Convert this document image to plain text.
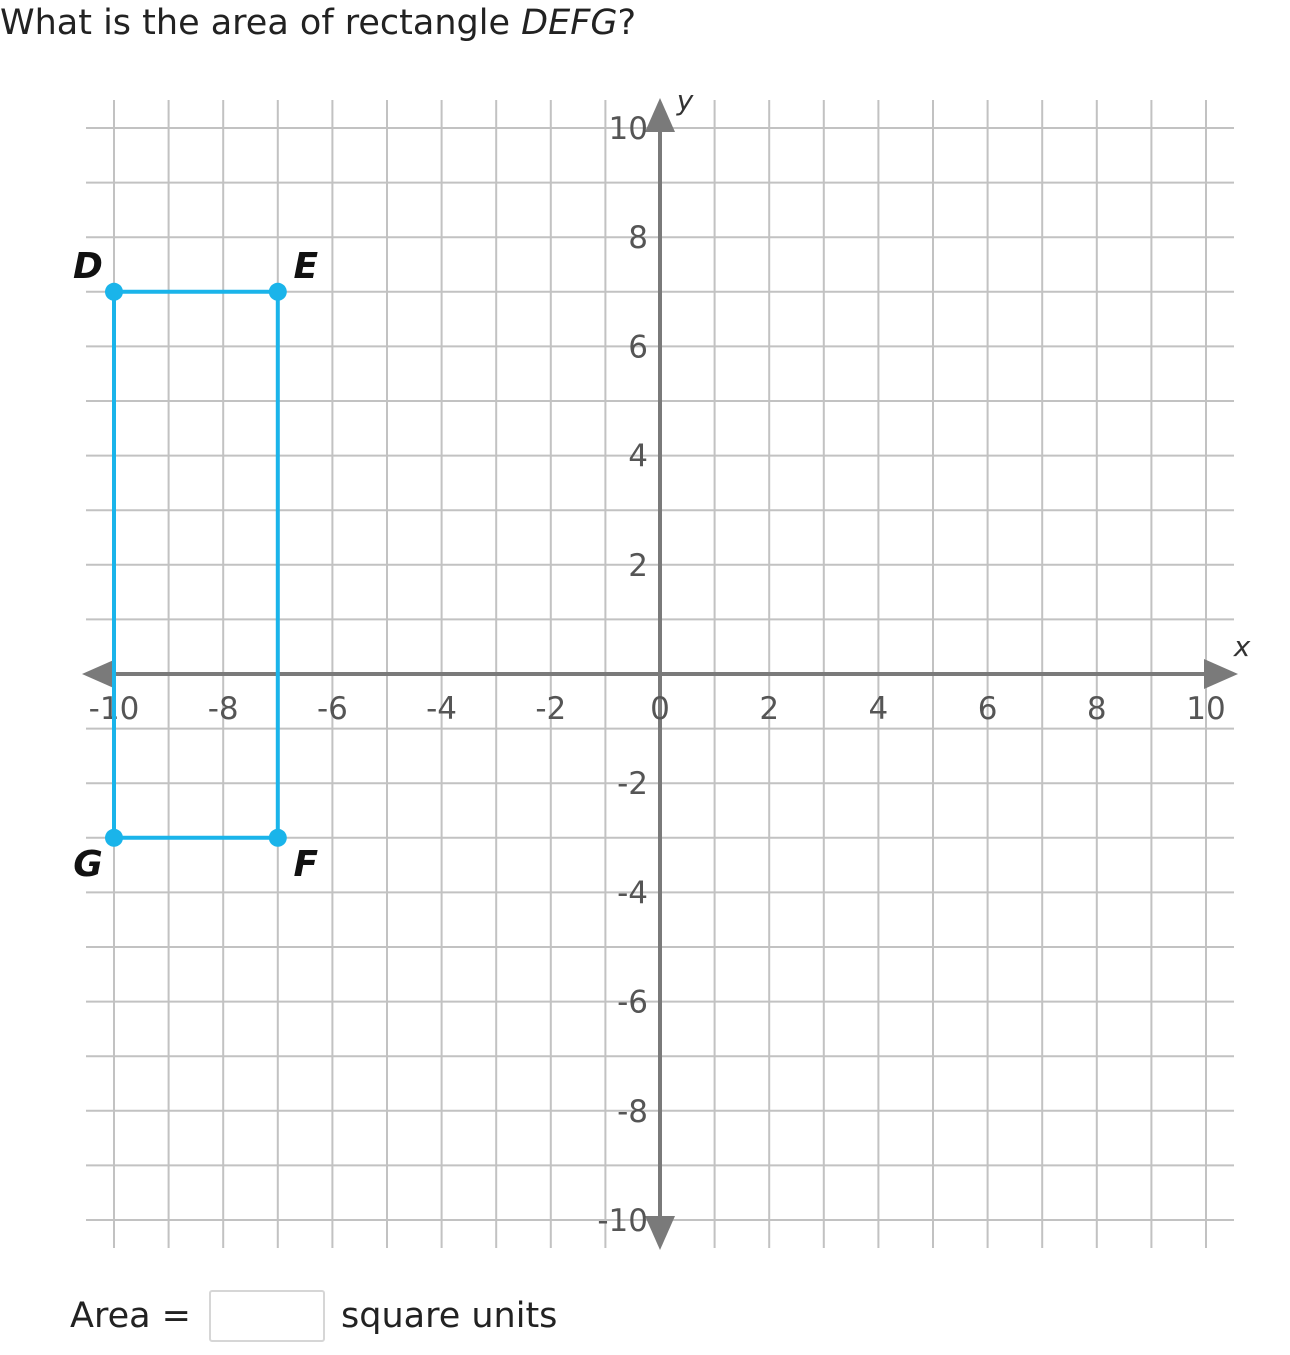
What is the area of rectangle DEFG?
x
y
-10 -8	-6	-4	-2	0	2	4	6	8	10
10
8
6
4
2
-2
-4
-6
-8
-10
D	E
F
G
Area =	square units
